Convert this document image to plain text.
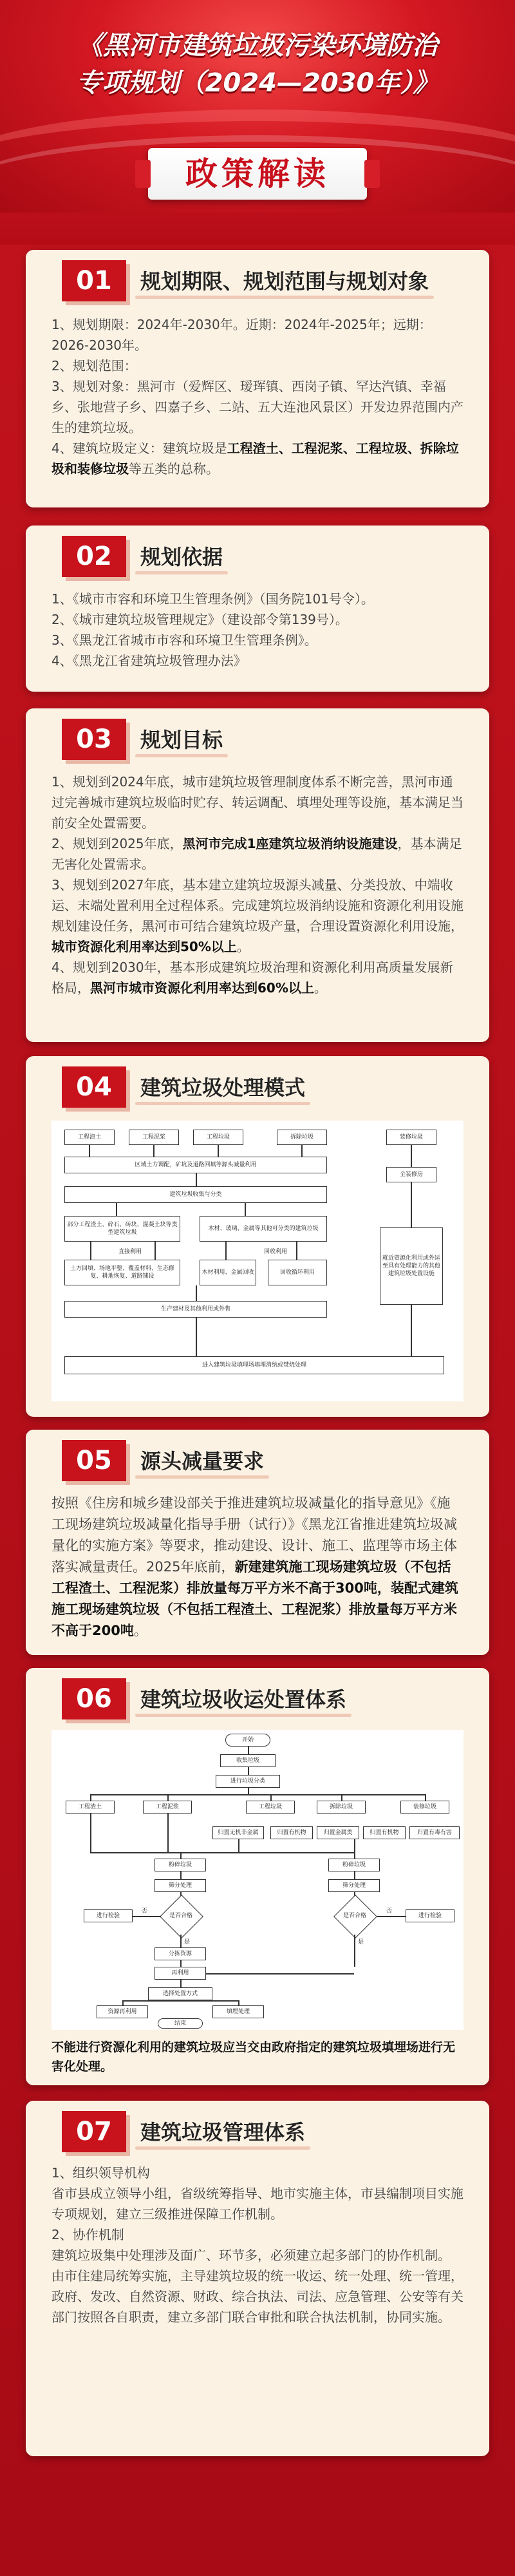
《黑河市建筑垃圾污染环境防治
专项规划（2024—2030年）》
政策解读
01	规划期限、规划范围与规划对象

1、规划期限：2024年-2030年。近期：2024年-2025年；远期：2026-2030年。

2、规划范围：

3、规划对象：黑河市（爱辉区、瑷珲镇、西岗子镇、罕达汽镇、幸福乡、张地营子乡、四嘉子乡、二站、五大连池风景区）开发边界范围内产生的建筑垃圾。

4、建筑垃圾定义：建筑垃圾是工程渣土、工程泥浆、工程垃圾、拆除垃圾和装修垃圾等五类的总称。

02	规划依据

1、《城市市容和环境卫生管理条例》（国务院101号令）。

2、《城市建筑垃圾管理规定》（建设部令第139号）。

3、《黑龙江省城市市容和环境卫生管理条例》。

4、《黑龙江省建筑垃圾管理办法》

03	规划目标

1、规划到2024年底，城市建筑垃圾管理制度体系不断完善，黑河市通过完善城市建筑垃圾临时贮存、转运调配、填埋处理等设施，基本满足当前安全处置需要。

2、规划到2025年底，黑河市完成1座建筑垃圾消纳设施建设，基本满足无害化处置需求。

3、规划到2027年底，基本建立建筑垃圾源头减量、分类投放、中端收运、末端处置利用全过程体系。完成建筑垃圾消纳设施和资源化利用设施规划建设任务，黑河市可结合建筑垃圾产量，合理设置资源化利用设施，城市资源化利用率达到50%以上。

4、规划到2030年，基本形成建筑垃圾治理和资源化利用高质量发展新格局，黑河市城市资源化利用率达到60%以上。

04	建筑垃圾处理模式
工程渣土	工程泥浆	工程垃圾	拆除垃圾	装修垃圾
区域土方调配，矿坑及道路回填等源头减量利用
全装修房
建筑垃圾收集与分类
部分工程渣土、碎石、砖块、混凝土块等类型建筑垃圾
木材、玻璃、金属等其他可分类的建筑垃圾
直接利用	回收利用
土方回填、场地平整、覆盖材料、生态修复、耕地恢复、道路铺设
木材利用、金属回收	回收循环利用
生产建材及其他利用或外售
就近资源化利用或外运至具有处理能力的其他建筑垃圾处置设施
进入建筑垃圾填埋场填埋消纳或焚烧处理
05	源头减量要求

按照《住房和城乡建设部关于推进建筑垃圾减量化的指导意见》《施工现场建筑垃圾减量化指导手册（试行）》《黑龙江省推进建筑垃圾减量化的实施方案》等要求，推动建设、设计、施工、监理等市场主体落实减量责任。2025年底前，新建建筑施工现场建筑垃圾（不包括工程渣土、工程泥浆）排放量每万平方米不高于300吨，装配式建筑施工现场建筑垃圾（不包括工程渣土、工程泥浆）排放量每万平方米不高于200吨。

06	建筑垃圾收运处置体系
开始
收集垃圾
进行垃圾分类
工程渣土	工程泥浆	工程垃圾	拆除垃圾	装修垃圾
归置无机非金属	归置有机物	归置金属类	归置有机物	归置有毒有害
粉碎垃圾	粉碎垃圾
筛分处理	筛分处理
是否合格	是否合格
进行检验	进行检验
否	否
是	是
分拣资源
再利用
选择处置方式
资源再利用	填埋处理
结束

不能进行资源化利用的建筑垃圾应当交由政府指定的建筑垃圾填埋场进行无害化处理。

07	建筑垃圾管理体系

1、组织领导机构

省市县成立领导小组，省级统筹指导、地市实施主体，市县编制项目实施专项规划，建立三级推进保障工作机制。

2、协作机制

建筑垃圾集中处理涉及面广、环节多，必须建立起多部门的协作机制。

由市住建局统筹实施，主导建筑垃圾的统一收运、统一处理、统一管理，政府、发改、自然资源、财政、综合执法、司法、应急管理、公安等有关部门按照各自职责，建立多部门联合审批和联合执法机制，协同实施。
